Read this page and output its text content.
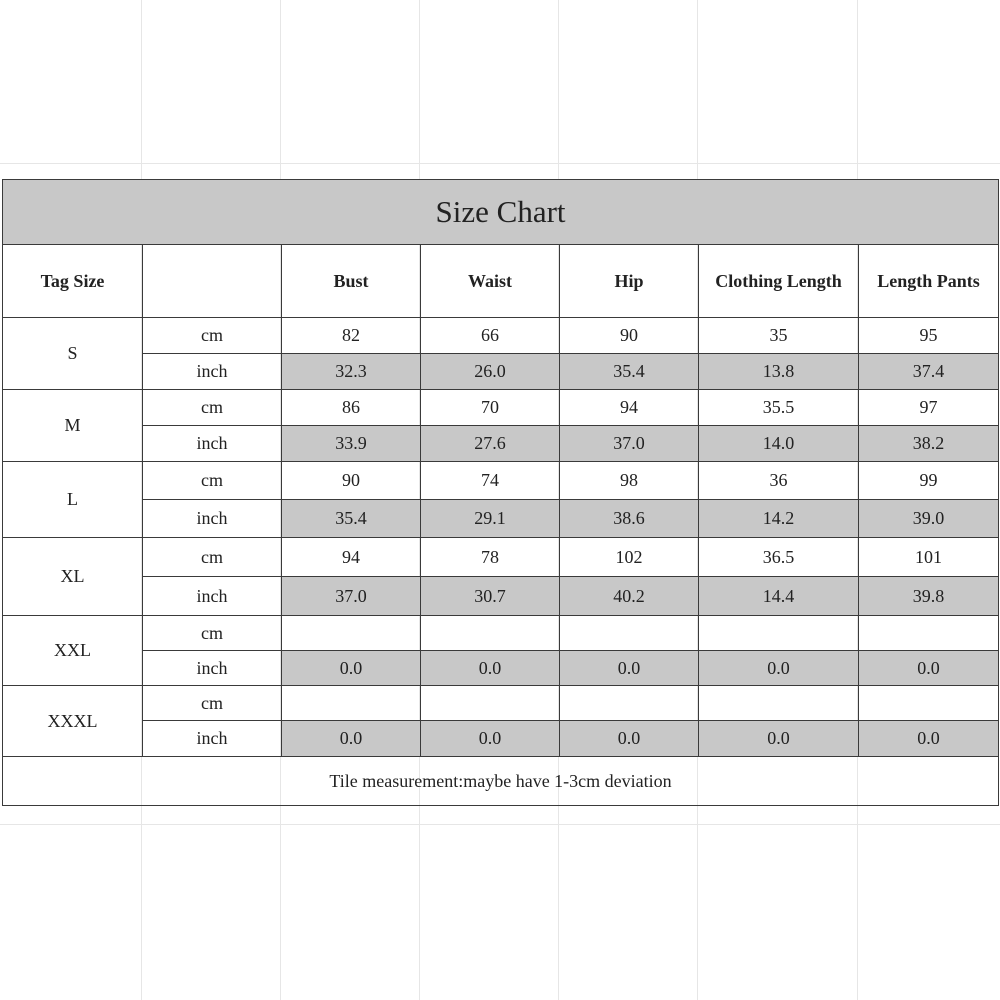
Size Chart						
Tag Size		Bust	Waist	Hip	Clothing Length	Length Pants
S	cm	82	66	90	35	95
	inch	32.3	26.0	35.4	13.8	37.4
M	cm	86	70	94	35.5	97
	inch	33.9	27.6	37.0	14.0	38.2
L	cm	90	74	98	36	99
	inch	35.4	29.1	38.6	14.2	39.0
XL	cm	94	78	102	36.5	101
	inch	37.0	30.7	40.2	14.4	39.8
XXL	cm					
	inch	0.0	0.0	0.0	0.0	0.0
XXXL	cm					
	inch	0.0	0.0	0.0	0.0	0.0
Tile measurement:maybe have 1-3cm deviation						
